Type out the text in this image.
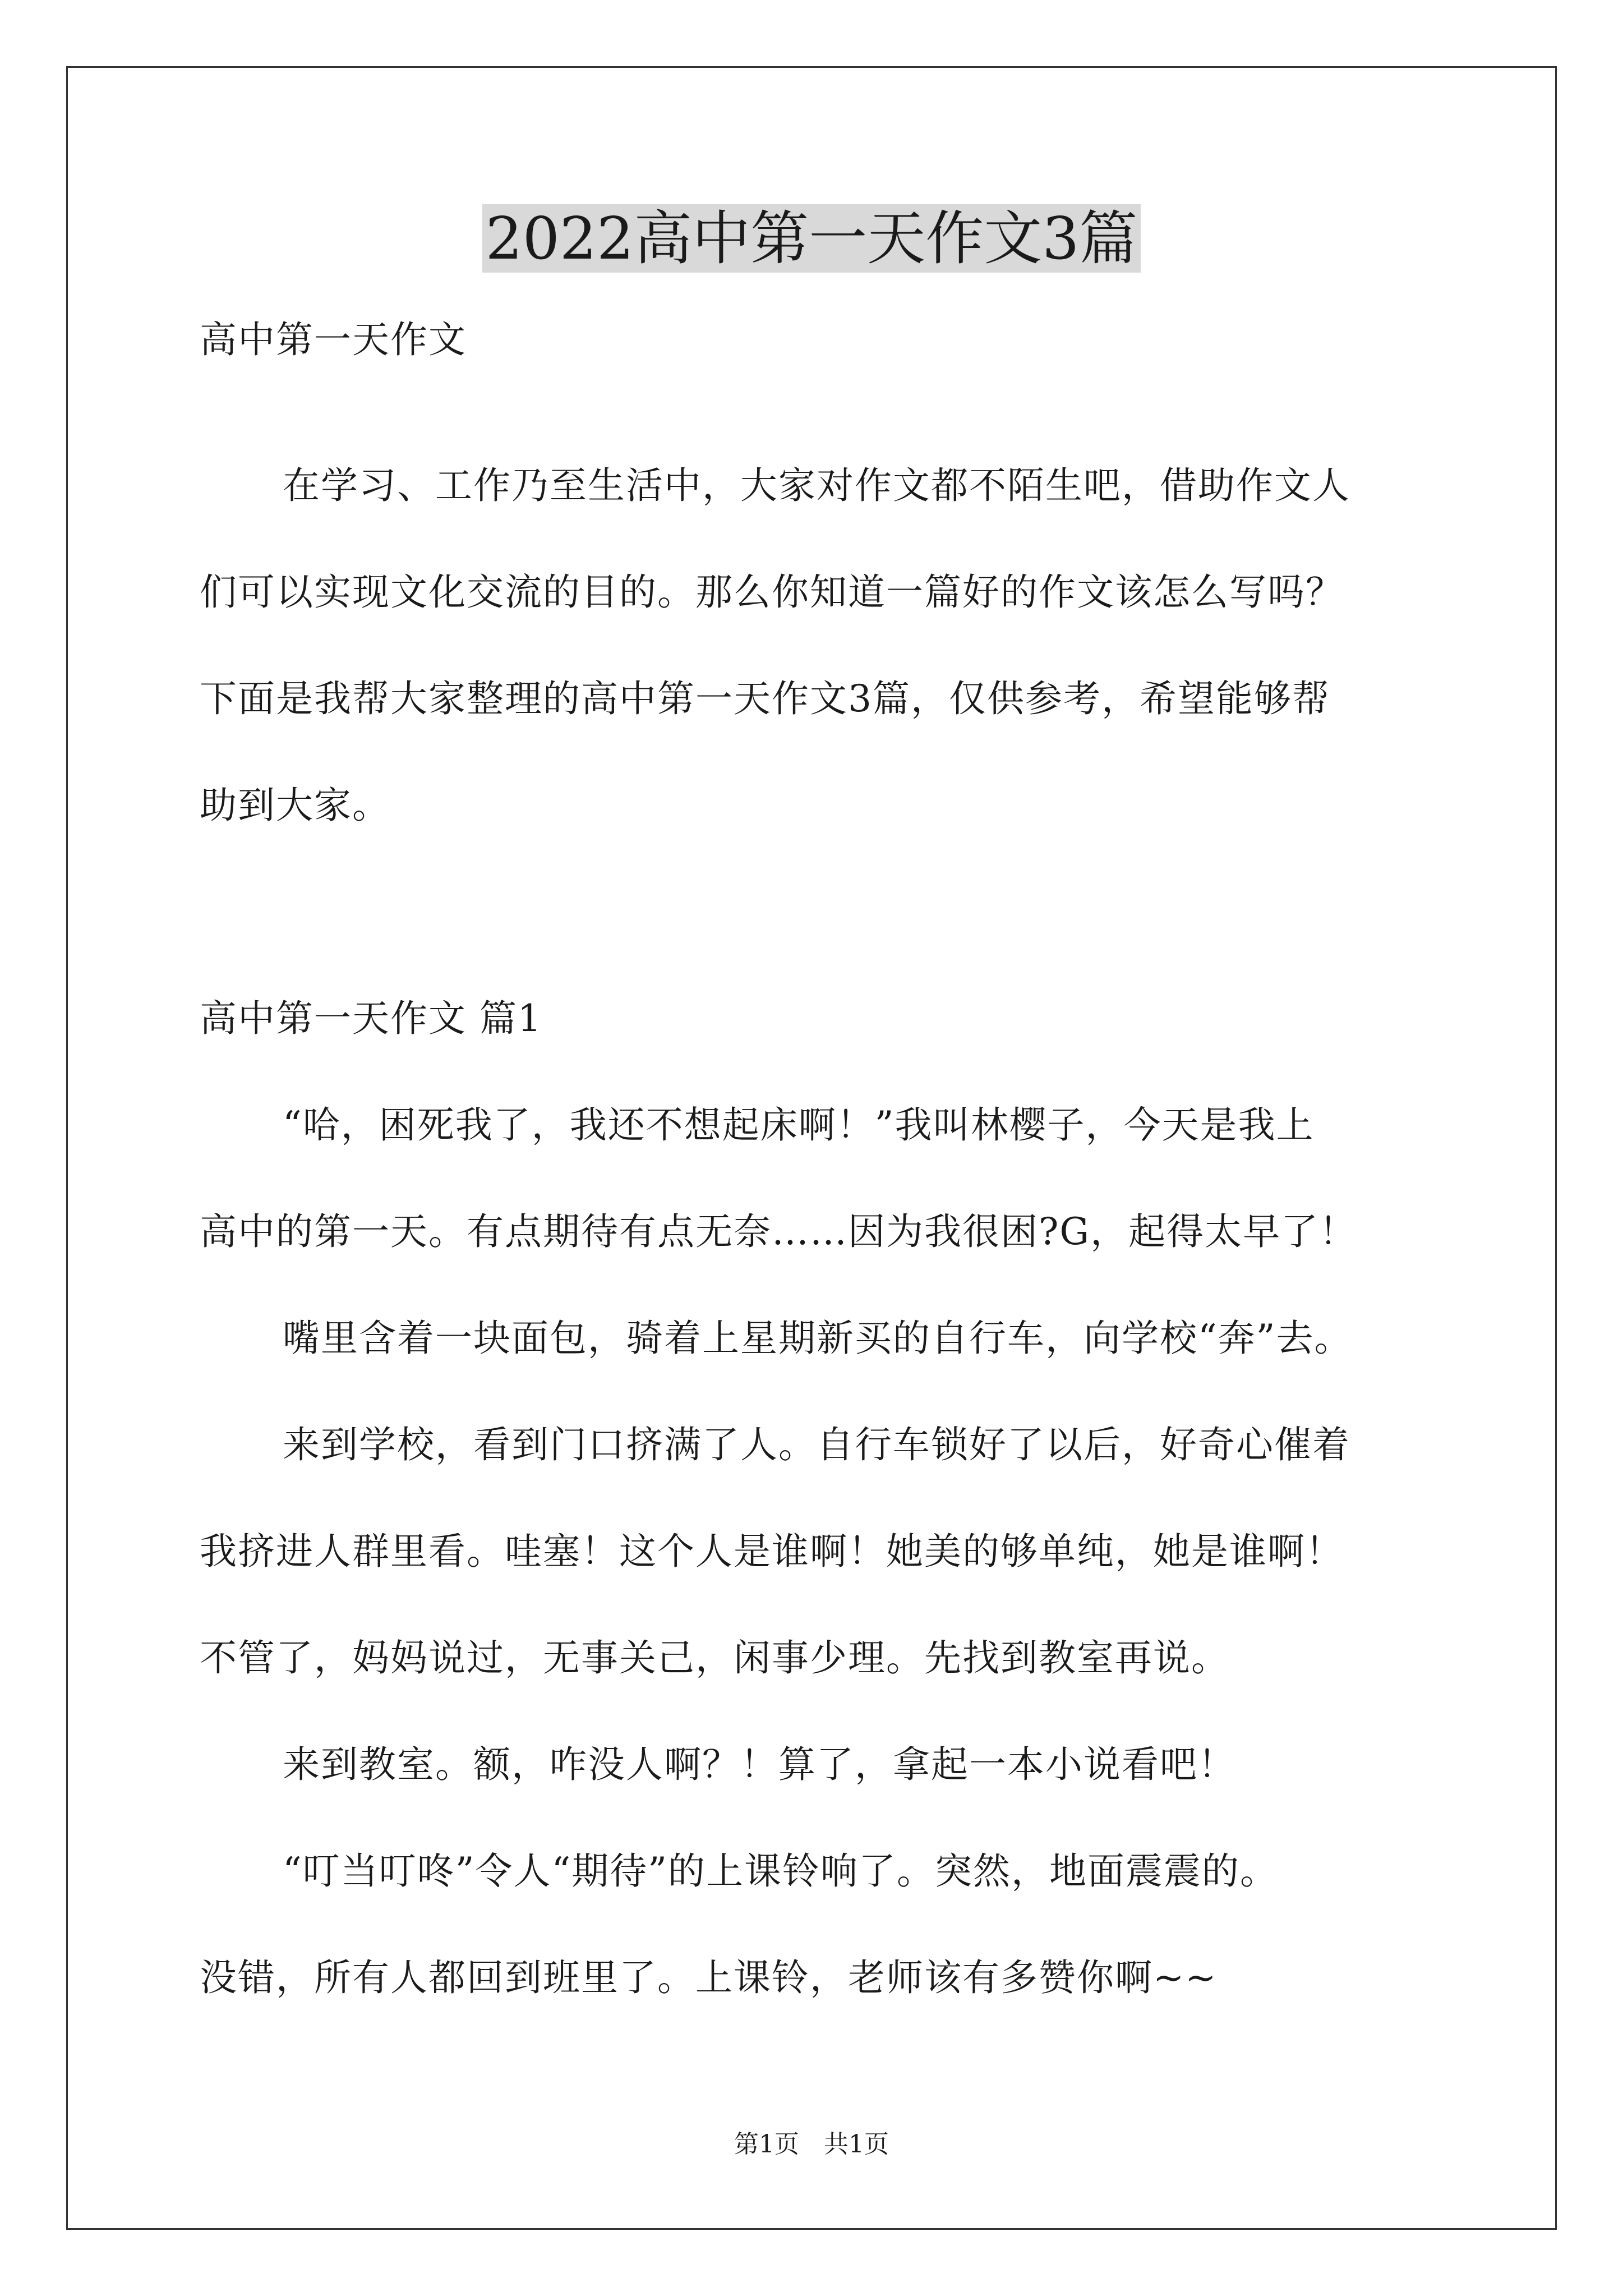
2022高中第一天作文3篇
高中第一天作文
在学习、工作乃至生活中，大家对作文都不陌生吧，借助作文人
们可以实现文化交流的目的。那么你知道一篇好的作文该怎么写吗？
下面是我帮大家整理的高中第一天作文3篇，仅供参考，希望能够帮
助到大家。
高中第一天作文 篇1
“哈，困死我了，我还不想起床啊！”我叫林樱子，今天是我上
高中的第一天。有点期待有点无奈……因为我很困?G，起得太早了！
嘴里含着一块面包，骑着上星期新买的自行车，向学校“奔”去。
来到学校，看到门口挤满了人。自行车锁好了以后，好奇心催着
我挤进人群里看。哇塞！这个人是谁啊！她美的够单纯，她是谁啊！
不管了，妈妈说过，无事关己，闲事少理。先找到教室再说。
来到教室。额，咋没人啊？！算了，拿起一本小说看吧！
“叮当叮咚”令人“期待”的上课铃响了。突然，地面震震的。
没错，所有人都回到班里了。上课铃，老师该有多赞你啊~~
第1页　共1页
